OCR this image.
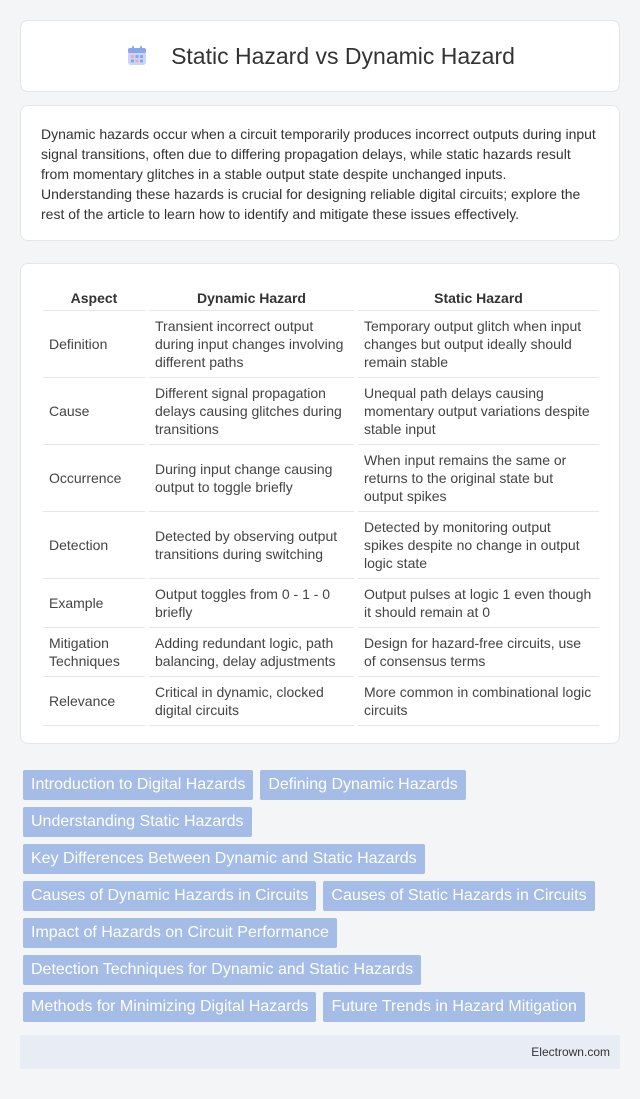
Static Hazard vs Dynamic Hazard

Dynamic hazards occur when a circuit temporarily produces incorrect outputs during input signal transitions, often due to differing propagation delays, while static hazards result from momentary glitches in a stable output state despite unchanged inputs. Understanding these hazards is crucial for designing reliable digital circuits; explore the rest of the article to learn how to identify and mitigate these issues effectively.

Aspect	Dynamic Hazard	Static Hazard
Definition	Transient incorrect output during input changes involving different paths	Temporary output glitch when input changes but output ideally should remain stable
Cause	Different signal propagation delays causing glitches during transitions	Unequal path delays causing momentary output variations despite stable input
Occurrence	During input change causing output to toggle briefly	When input remains the same or returns to the original state but output spikes
Detection	Detected by observing output transitions during switching	Detected by monitoring output spikes despite no change in output logic state
Example	Output toggles from 0 - 1 - 0 briefly	Output pulses at logic 1 even though it should remain at 0
Mitigation Techniques	Adding redundant logic, path balancing, delay adjustments	Design for hazard-free circuits, use of consensus terms
Relevance	Critical in dynamic, clocked digital circuits	More common in combinational logic circuits
Introduction to Digital Hazards	Defining Dynamic Hazards
Understanding Static Hazards
Key Differences Between Dynamic and Static Hazards
Causes of Dynamic Hazards in Circuits	Causes of Static Hazards in Circuits
Impact of Hazards on Circuit Performance
Detection Techniques for Dynamic and Static Hazards
Methods for Minimizing Digital Hazards	Future Trends in Hazard Mitigation
Electrown.com
